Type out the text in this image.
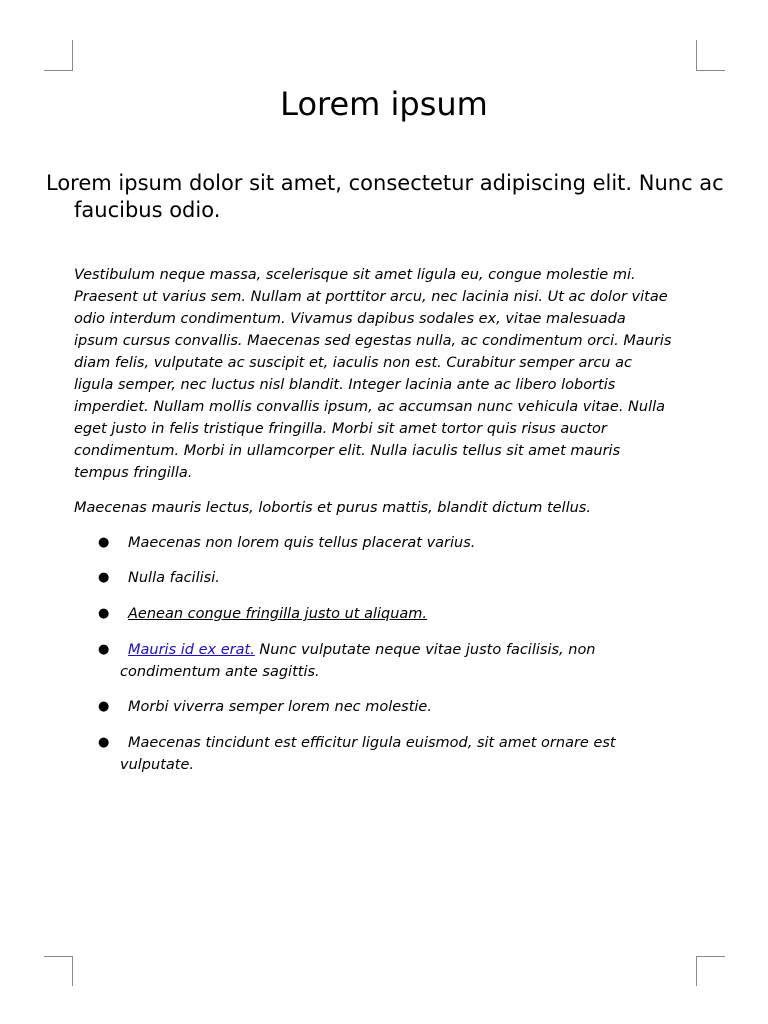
Lorem ipsum
Lorem ipsum dolor sit amet, consectetur adipiscing elit. Nunc ac faucibus odio.

Vestibulum neque massa, scelerisque sit amet ligula eu, congue molestie mi. Praesent ut varius sem. Nullam at porttitor arcu, nec lacinia nisi. Ut ac dolor vitae odio interdum condimentum. Vivamus dapibus sodales ex, vitae malesuada ipsum cursus convallis. Maecenas sed egestas nulla, ac condimentum orci. Mauris diam felis, vulputate ac suscipit et, iaculis non est. Curabitur semper arcu ac ligula semper, nec luctus nisl blandit. Integer lacinia ante ac libero lobortis imperdiet. Nullam mollis convallis ipsum, ac accumsan nunc vehicula vitae. Nulla eget justo in felis tristique fringilla. Morbi sit amet tortor quis risus auctor condimentum. Morbi in ullamcorper elit. Nulla iaculis tellus sit amet mauris tempus fringilla.

Maecenas mauris lectus, lobortis et purus mattis, blandit dictum tellus.

● Maecenas non lorem quis tellus placerat varius.
● Nulla facilisi.
● Aenean congue fringilla justo ut aliquam.
● Mauris id ex erat. Nunc vulputate neque vitae justo facilisis, non condimentum ante sagittis.
● Morbi viverra semper lorem nec molestie.
● Maecenas tincidunt est efficitur ligula euismod, sit amet ornare est vulputate.
